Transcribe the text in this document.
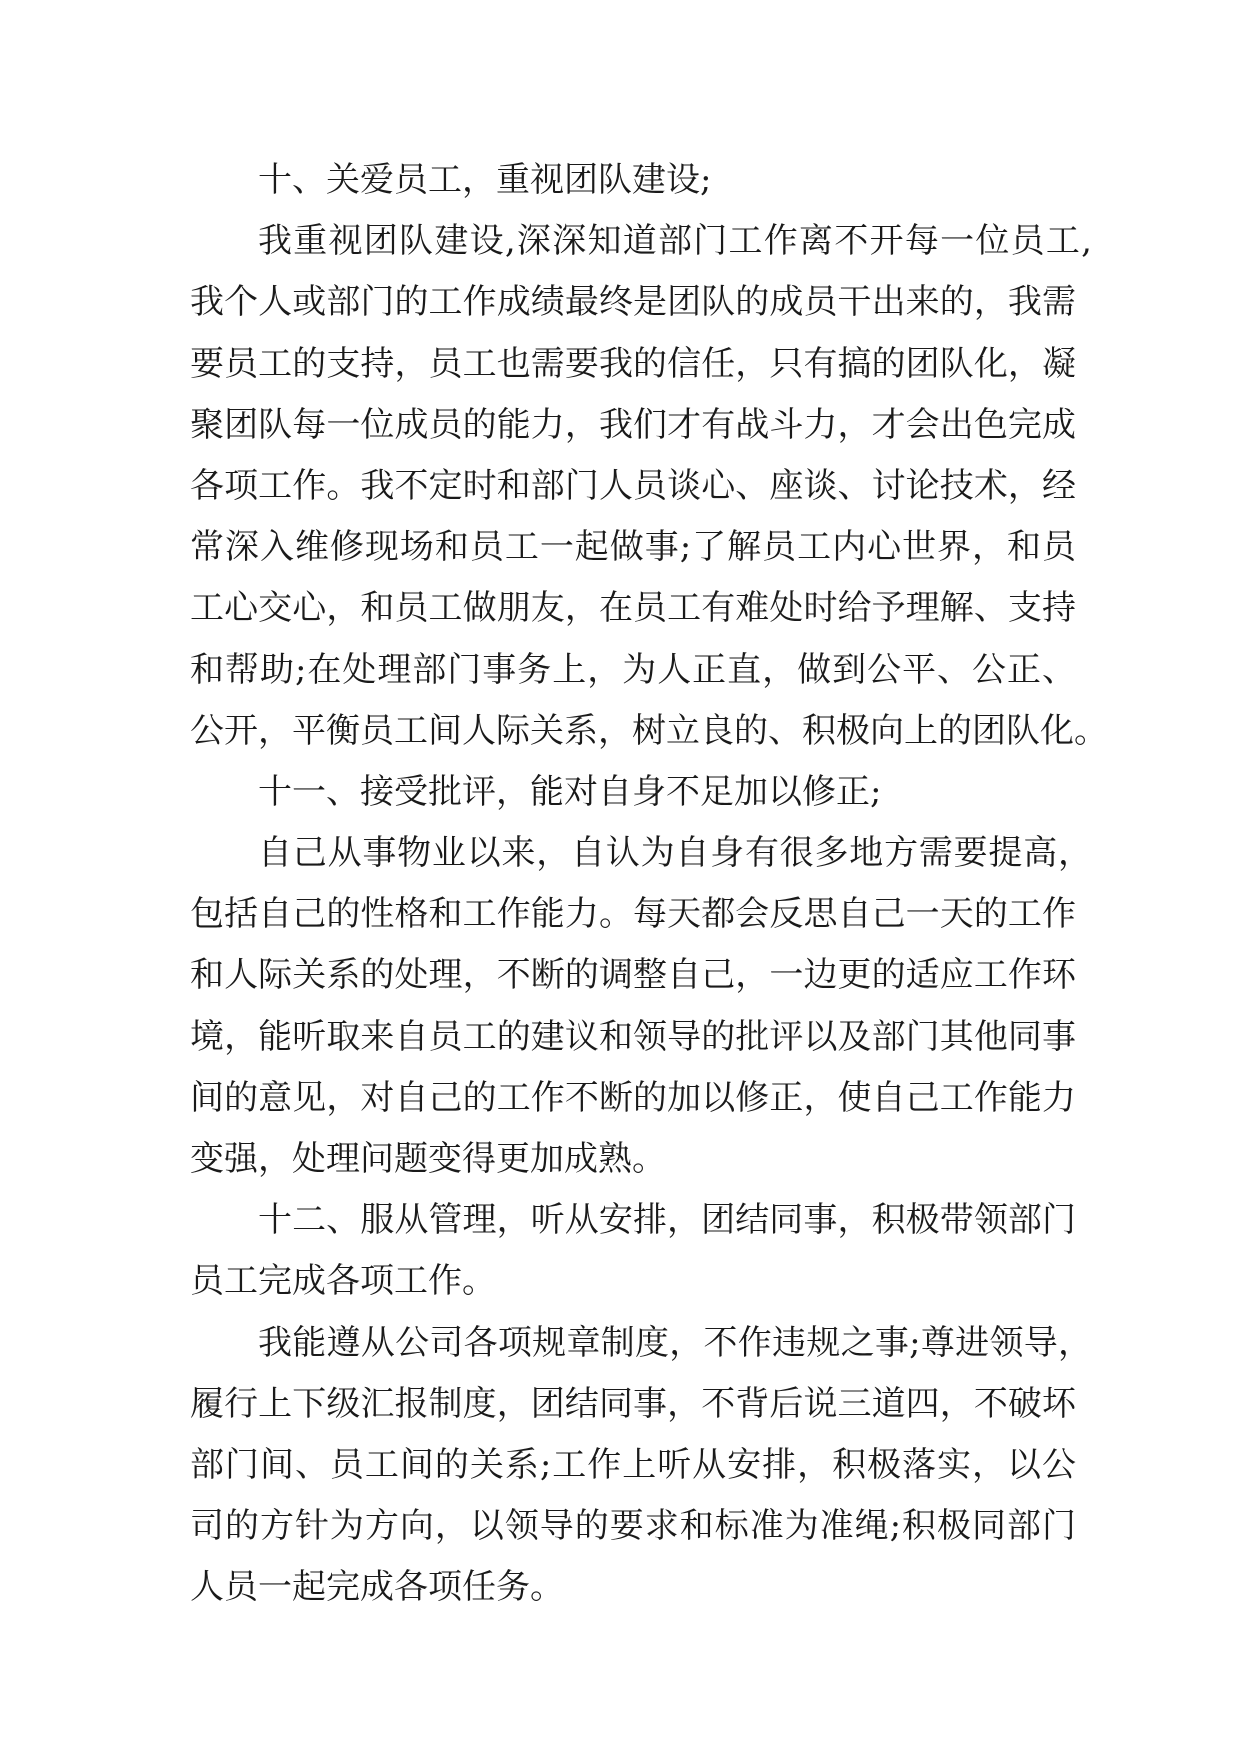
十、关爱员工，重视团队建设;
我重视团队建设,深深知道部门工作离不开每一位员工,
我个人或部门的工作成绩最终是团队的成员干出来的，我需
要员工的支持，员工也需要我的信任，只有搞的团队化，凝
聚团队每一位成员的能力，我们才有战斗力，才会出色完成
各项工作。我不定时和部门人员谈心、座谈、讨论技术，经
常深入维修现场和员工一起做事;了解员工内心世界，和员
工心交心，和员工做朋友，在员工有难处时给予理解、支持
和帮助;在处理部门事务上，为人正直，做到公平、公正、
公开，平衡员工间人际关系，树立良的、积极向上的团队化。
十一、接受批评，能对自身不足加以修正;
自己从事物业以来，自认为自身有很多地方需要提高，
包括自己的性格和工作能力。每天都会反思自己一天的工作
和人际关系的处理，不断的调整自己，一边更的适应工作环
境，能听取来自员工的建议和领导的批评以及部门其他同事
间的意见，对自己的工作不断的加以修正，使自己工作能力
变强，处理问题变得更加成熟。
十二、服从管理，听从安排，团结同事，积极带领部门
员工完成各项工作。
我能遵从公司各项规章制度，不作违规之事;尊进领导，
履行上下级汇报制度，团结同事，不背后说三道四，不破坏
部门间、员工间的关系;工作上听从安排，积极落实，以公
司的方针为方向，以领导的要求和标准为准绳;积极同部门
人员一起完成各项任务。
